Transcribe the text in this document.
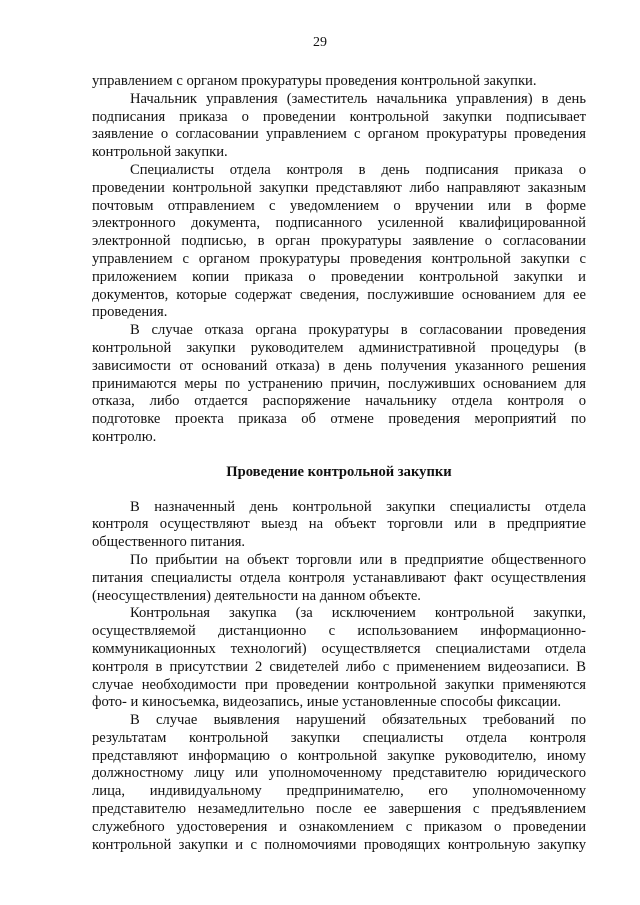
29
управлением с органом прокуратуры проведения контрольной закупки.
Начальник управления (заместитель начальника управления) в день
подписания приказа о проведении контрольной закупки подписывает
заявление о согласовании управлением с органом прокуратуры проведения
контрольной закупки.
Специалисты отдела контроля в день подписания приказа о
проведении контрольной закупки представляют либо направляют заказным
почтовым отправлением с уведомлением о вручении или в форме
электронного документа, подписанного усиленной квалифицированной
электронной подписью, в орган прокуратуры заявление о согласовании
управлением с органом прокуратуры проведения контрольной закупки с
приложением копии приказа о проведении контрольной закупки и
документов, которые содержат сведения, послужившие основанием для ее
проведения.
В случае отказа органа прокуратуры в согласовании проведения
контрольной закупки руководителем административной процедуры (в
зависимости от оснований отказа) в день получения указанного решения
принимаются меры по устранению причин, послуживших основанием для
отказа, либо отдается распоряжение начальнику отдела контроля о
подготовке проекта приказа об отмене проведения мероприятий по
контролю.
Проведение контрольной закупки
В назначенный день контрольной закупки специалисты отдела
контроля осуществляют выезд на объект торговли или в предприятие
общественного питания.
По прибытии на объект торговли или в предприятие общественного
питания специалисты отдела контроля устанавливают факт осуществления
(неосуществления) деятельности на данном объекте.
Контрольная закупка (за исключением контрольной закупки,
осуществляемой дистанционно с использованием информационно-
коммуникационных технологий) осуществляется специалистами отдела
контроля в присутствии 2 свидетелей либо с применением видеозаписи. В
случае необходимости при проведении контрольной закупки применяются
фото- и киносъемка, видеозапись, иные установленные способы фиксации.
В случае выявления нарушений обязательных требований по
результатам контрольной закупки специалисты отдела контроля
представляют информацию о контрольной закупке руководителю, иному
должностному лицу или уполномоченному представителю юридического
лица, индивидуальному предпринимателю, его уполномоченному
представителю незамедлительно после ее завершения с предъявлением
служебного удостоверения и ознакомлением с приказом о проведении
контрольной закупки и с полномочиями проводящих контрольную закупку
